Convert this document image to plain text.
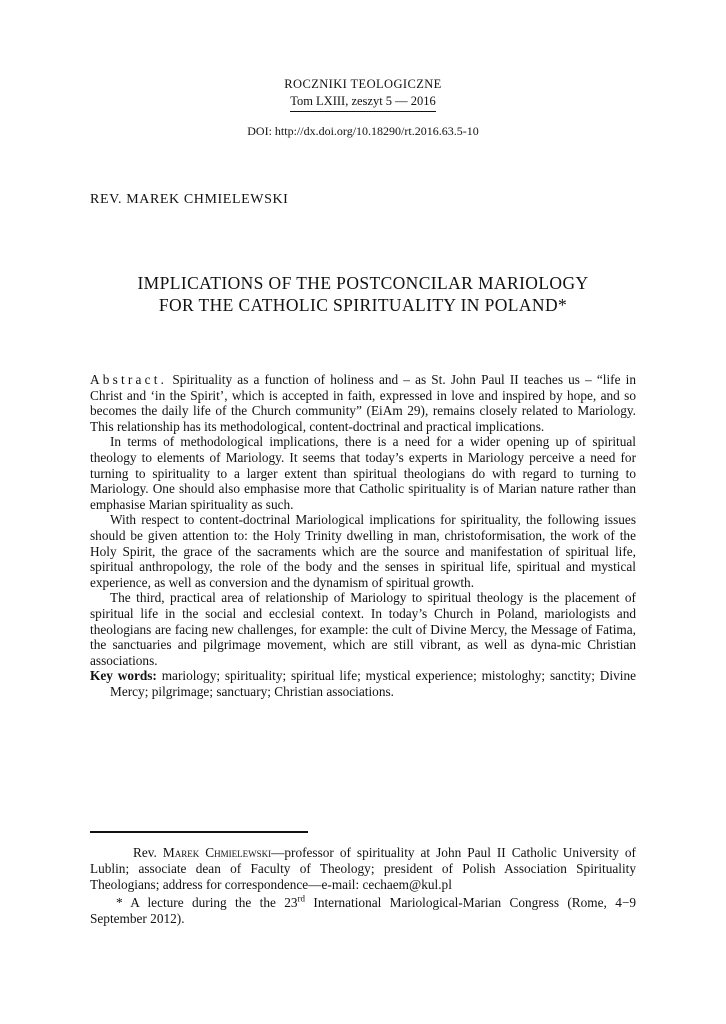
ROCZNIKI TEOLOGICZNE
Tom LXIII, zeszyt 5 — 2016
DOI: http://dx.doi.org/10.18290/rt.2016.63.5-10
REV. MAREK CHMIELEWSKI
IMPLICATIONS OF THE POSTCONCILAR MARIOLOGY
FOR THE CATHOLIC SPIRITUALITY IN POLAND*

Abstract. Spirituality as a function of holiness and – as St. John Paul II teaches us – “life in Christ and ‘in the Spirit’, which is accepted in faith, expressed in love and inspired by hope, and so becomes the daily life of the Church community” (EiAm 29), remains closely related to Mariology. This relationship has its methodological, content-doctrinal and practical implications.

In terms of methodological implications, there is a need for a wider opening up of spiritual theology to elements of Mariology. It seems that today’s experts in Mariology perceive a need for turning to spirituality to a larger extent than spiritual theologians do with regard to turning to Mariology. One should also emphasise more that Catholic spirituality is of Marian nature rather than emphasise Marian spirituality as such.

With respect to content-doctrinal Mariological implications for spirituality, the following issues should be given attention to: the Holy Trinity dwelling in man, christoformisation, the work of the Holy Spirit, the grace of the sacraments which are the source and manifestation of spiritual life, spiritual anthropology, the role of the body and the senses in spiritual life, spiritual and mystical experience, as well as conversion and the dynamism of spiritual growth.

The third, practical area of relationship of Mariology to spiritual theology is the placement of spiritual life in the social and ecclesial context. In today’s Church in Poland, mariologists and theologians are facing new challenges, for example: the cult of Divine Mercy, the Message of Fatima, the sanctuaries and pilgrimage movement, which are still vibrant, as well as dyna-mic Christian associations.

Key words: mariology; spirituality; spiritual life; mystical experience; mistologhy; sanctity; Divine Mercy; pilgrimage; sanctuary; Christian associations.

Rev. Marek Chmielewski—professor of spirituality at John Paul II Catholic University of Lublin; associate dean of Faculty of Theology; president of Polish Association Spirituality Theologians; address for correspondence—e-mail: cechaem@kul.pl

* A lecture during the the 23rd International Mariological-Marian Congress (Rome, 4−9 September 2012).
